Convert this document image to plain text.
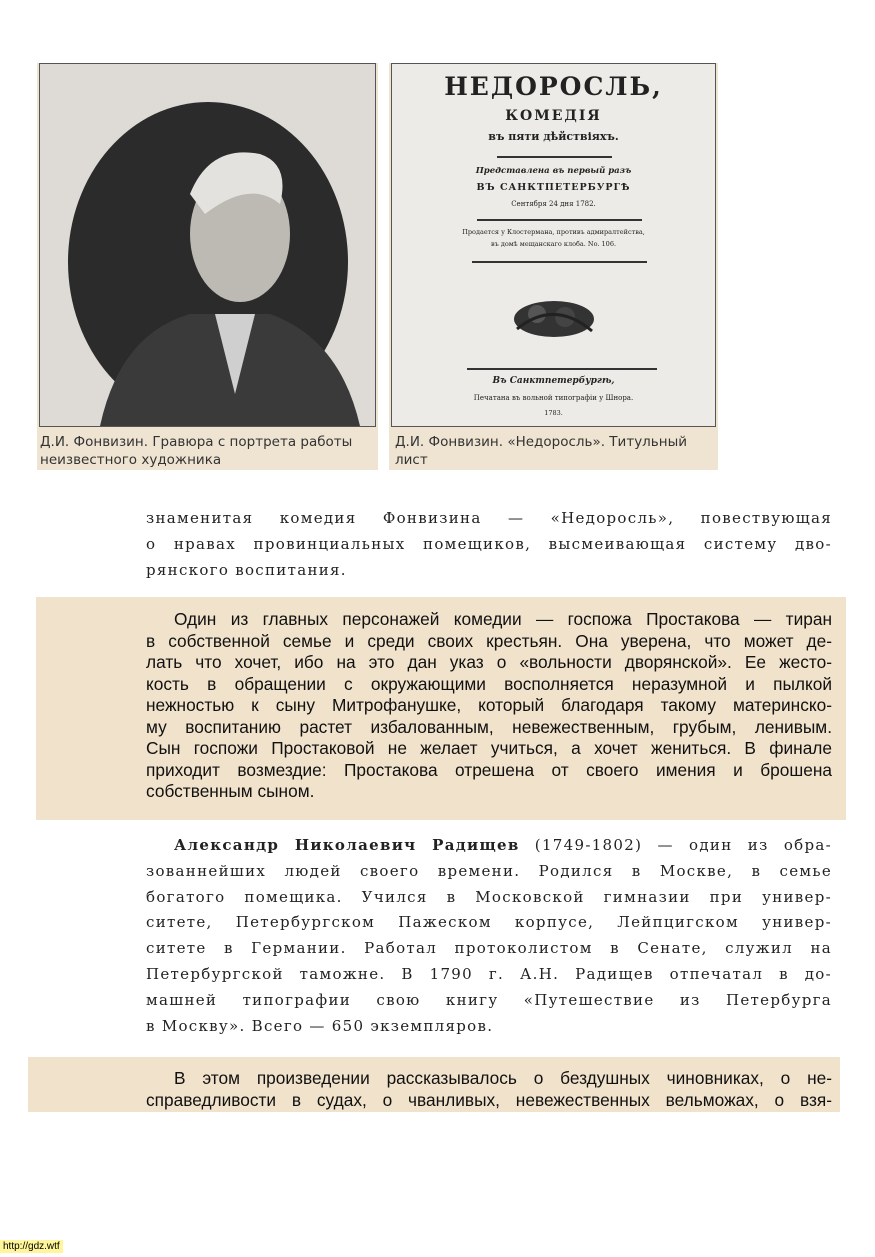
Д.И. Фонвизин. Гравюра с портрета работы
неизвестного художника
НЕДОРОСЛЬ,
КОМЕДІЯ
въ пяти дѣйствіяхъ.
Представлена въ первый разъ
ВЪ САНКТПЕТЕРБУРГѢ
Сентября 24 дня 1782.
Продается у Клостермана, противъ адмиралтейства,
въ домѣ мещанскаго клоба. No. 106.
Въ Санктпетербургѣ,
Печатана въ вольной типографіи у Шнора.
1783.
Д.И. Фонвизин. «Недоросль». Титульный
лист
знаменитая комедия Фонвизина — «Недоросль», повествующая
о нравах провинциальных помещиков, высмеивающая систему дво-
рянского воспитания.
Один из главных персонажей комедии — госпожа Простакова — тиран
в собственной семье и среди своих крестьян. Она уверена, что может де-
лать что хочет, ибо на это дан указ о «вольности дворянской». Ее жесто-
кость в обращении с окружающими восполняется неразумной и пылкой
нежностью к сыну Митрофанушке, который благодаря такому материнско-
му воспитанию растет избалованным, невежественным, грубым, ленивым.
Сын госпожи Простаковой не желает учиться, а хочет жениться. В финале
приходит возмездие: Простакова отрешена от своего имения и брошена
собственным сыном.
Александр Николаевич Радищев (1749-1802) — один из обра-
зованнейших людей своего времени. Родился в Москве, в семье
богатого помещика. Учился в Московской гимназии при универ-
ситете, Петербургском Пажеском корпусе, Лейпцигском универ-
ситете в Германии. Работал протоколистом в Сенате, служил на
Петербургской таможне. В 1790 г. А.Н. Радищев отпечатал в до-
машней типографии свою книгу «Путешествие из Петербурга
в Москву». Всего — 650 экземпляров.
В этом произведении рассказывалось о бездушных чиновниках, о не-
справедливости в судах, о чванливых, невежественных вельможах, о взя-
http://gdz.wtf
